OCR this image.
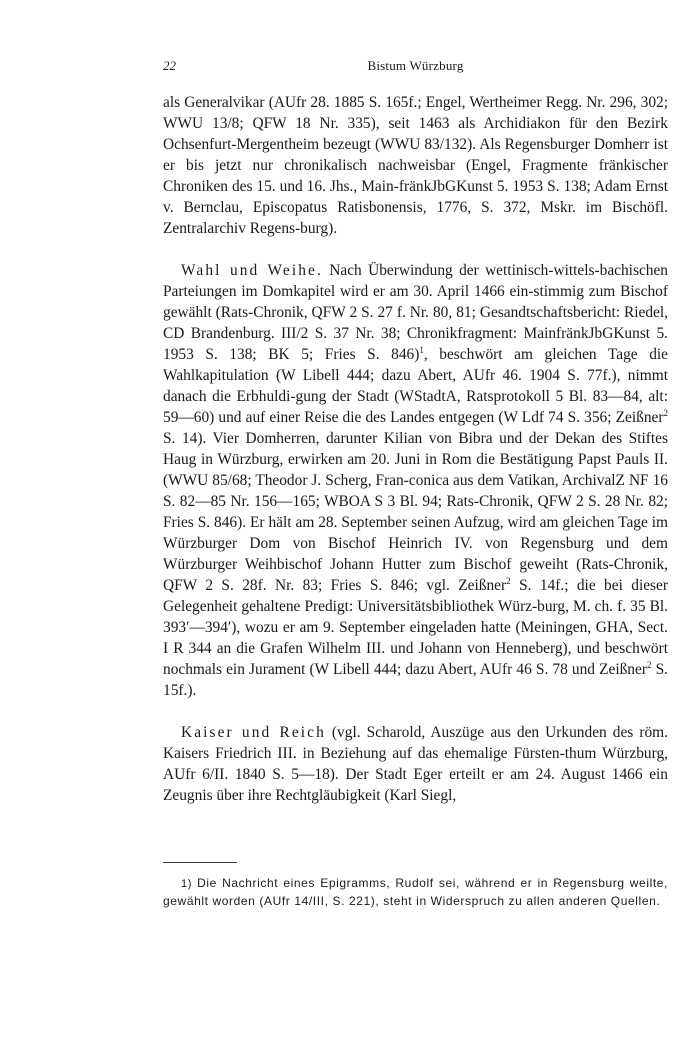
22	Bistum Würzburg

als Generalvikar (AUfr 28. 1885 S. 165f.; Engel, Wertheimer Regg. Nr. 296, 302; WWU 13/8; QFW 18 Nr. 335), seit 1463 als Archidiakon für den Bezirk Ochsenfurt-Mergentheim bezeugt (WWU 83/132). Als Regensburger Domherr ist er bis jetzt nur chronikalisch nachweisbar (Engel, Fragmente fränkischer Chroniken des 15. und 16. Jhs., Main-fränkJbGKunst 5. 1953 S. 138; Adam Ernst v. Bernclau, Episcopatus Ratisbonensis, 1776, S. 372, Mskr. im Bischöfl. Zentralarchiv Regens-burg).

Wahl und Weihe. Nach Überwindung der wettinisch-wittels-bachischen Parteiungen im Domkapitel wird er am 30. April 1466 ein-stimmig zum Bischof gewählt (Rats-Chronik, QFW 2 S. 27 f. Nr. 80, 81; Gesandtschaftsbericht: Riedel, CD Brandenburg. III/2 S. 37 Nr. 38; Chronikfragment: MainfränkJbGKunst 5. 1953 S. 138; BK 5; Fries S. 846)$^1$, beschwört am gleichen Tage die Wahlkapitulation (W Libell 444; dazu Abert, AUfr 46. 1904 S. 77f.), nimmt danach die Erbhuldi-gung der Stadt (WStadtA, Ratsprotokoll 5 Bl. 83—84, alt: 59—60) und auf einer Reise die des Landes entgegen (W Ldf 74 S. 356; Zeißner$^2$ S. 14). Vier Domherren, darunter Kilian von Bibra und der Dekan des Stiftes Haug in Würzburg, erwirken am 20. Juni in Rom die Bestätigung Papst Pauls II. (WWU 85/68; Theodor J. Scherg, Fran-conica aus dem Vatikan, ArchivalZ NF 16 S. 82—85 Nr. 156—165; WBOA S 3 Bl. 94; Rats-Chronik, QFW 2 S. 28 Nr. 82; Fries S. 846). Er hält am 28. September seinen Aufzug, wird am gleichen Tage im Würzburger Dom von Bischof Heinrich IV. von Regensburg und dem Würzburger Weihbischof Johann Hutter zum Bischof geweiht (Rats-Chronik, QFW 2 S. 28f. Nr. 83; Fries S. 846; vgl. Zeißner$^2$ S. 14f.; die bei dieser Gelegenheit gehaltene Predigt: Universitätsbibliothek Würz-burg, M. ch. f. 35 Bl. 393′—394′), wozu er am 9. September eingeladen hatte (Meiningen, GHA, Sect. I R 344 an die Grafen Wilhelm III. und Johann von Henneberg), und beschwört nochmals ein Jurament (W Libell 444; dazu Abert, AUfr 46 S. 78 und Zeißner$^2$ S. 15f.).

Kaiser und Reich (vgl. Scharold, Auszüge aus den Urkunden des röm. Kaisers Friedrich III. in Beziehung auf das ehemalige Fürsten-thum Würzburg, AUfr 6/II. 1840 S. 5—18). Der Stadt Eger erteilt er am 24. August 1466 ein Zeugnis über ihre Rechtgläubigkeit (Karl Siegl,

1) Die Nachricht eines Epigramms, Rudolf sei, während er in Regensburg weilte, gewählt worden (AUfr 14/III, S. 221), steht in Widerspruch zu allen anderen Quellen.
